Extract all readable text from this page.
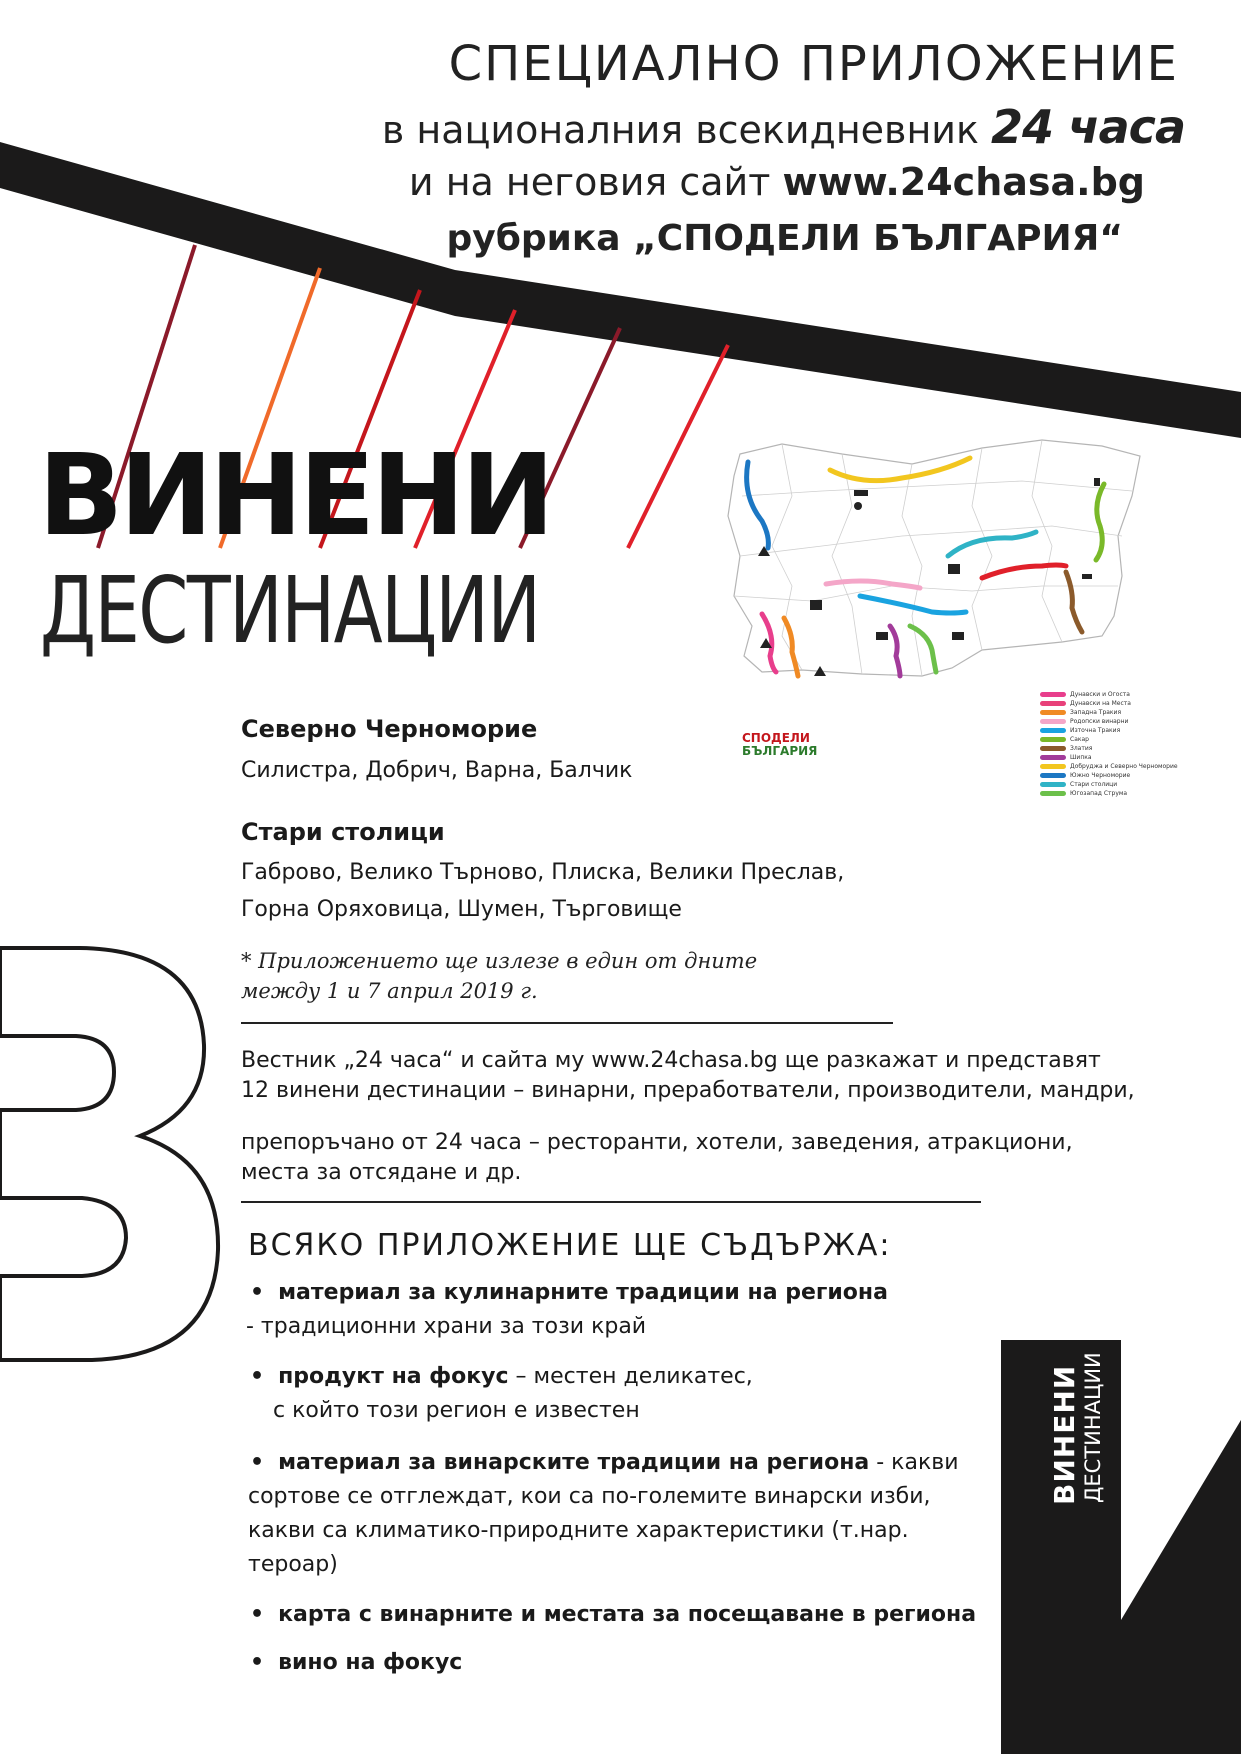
СПЕЦИАЛНО ПРИЛОЖЕНИЕ
в националния всекидневник 24 часа
и на неговия сайт www.24chasa.bg
рубрика „СПОДЕЛИ БЪЛГАРИЯ“
ВИНЕНИ
ДЕСТИНАЦИИ
СПОДЕЛИ
БЪЛГАРИЯ
Дунавски и Огоста
Дунавски на Места
Западна Тракия
Родопски винарни
Източна Тракия
Сакар
Златия
Шипка
Добруджа и Северно Черноморие
Южно Черноморие
Стари столици
Югозапад Струма
Северно Черноморие
Силистра, Добрич, Варна, Балчик
Стари столици
Габрово, Велико Търново, Плиска, Велики Преслав,
Горна Оряховица, Шумен, Търговище
* Приложението ще излезе в един от дните
между 1 и 7 април 2019 г.
Вестник „24 часа“ и сайта му www.24chasa.bg ще разкажат и представят
12 винени дестинации – винарни, преработватели, производители, мандри,
препоръчано от 24 часа – ресторанти, хотели, заведения, атракциони,
места за отсядане и др.
ВСЯКО ПРИЛОЖЕНИЕ ЩЕ СЪДЪРЖА:
• материал за кулинарните традиции на региона
- традиционни храни за този край
• продукт на фокус – местен деликатес,
с който този регион е известен
• материал за винарските традиции на региона - какви
сортове се отглеждат, кои са по-големите винарски изби,
какви са климатико-природните характеристики (т.нар.
тероар)
• карта с винарните и местата за посещаване в региона
• вино на фокус
ВИНЕНИ ДЕСТИНАЦИИ
